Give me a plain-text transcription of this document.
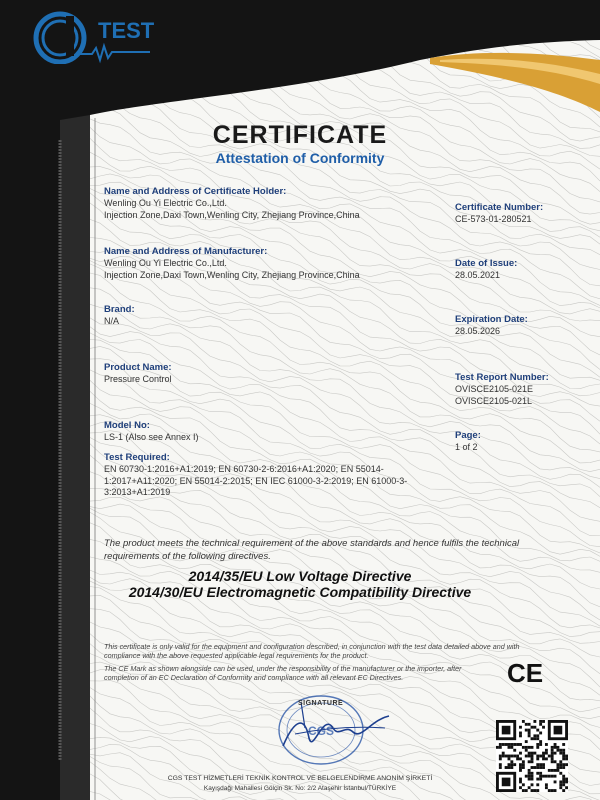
TEST
CERTIFICATE
Attestation of Conformity
Name and Address of Certificate Holder:
Wenling Ou Yi Electric Co.,Ltd.
Injection Zone,Daxi Town,Wenling City, Zhejiang Province,China
Name and Address of Manufacturer:
Wenling Ou Yi Electric Co.,Ltd.
Injection Zone,Daxi Town,Wenling City, Zhejiang Province,China
Brand:
N/A
Product Name:
Pressure Control
Model No:
LS-1 (Also see Annex I)
Test Required:
EN 60730-1:2016+A1:2019; EN 60730-2-6:2016+A1:2020; EN 55014-1:2017+A11:2020; EN 55014-2:2015; EN IEC 61000-3-2:2019; EN 61000-3-3:2013+A1:2019
Certificate Number:
CE-573-01-280521
Date of Issue:
28.05.2021
Expiration Date:
28.05.2026
Test Report Number:
OVISCE2105-021E
OVISCE2105-021L
Page:
1 of 2
The product meets the technical requirement of the above standards and hence fulfils the technical requirements of the following directives.
2014/35/EU Low Voltage Directive
2014/30/EU Electromagnetic Compatibility Directive
This certificate is only valid for the equipment and configuration described, in conjunction with the test data detailed above and with compliance with the above requested applicable legal requirements for the product.
The CE Mark as shown alongside can be used, under the responsibility of the manufacturer or the importer, after completion of an EC Declaration of Conformity and compliance with all relevant EC Directives.	CE
CGS
SIGNATURE
CGS TEST HİZMETLERİ TEKNİK KONTROL VE BELGELENDİRME ANONİM ŞİRKETİ
Kayışdağı Mahallesi Gölçin Sk. No: 2/2 Ataşehir İstanbul/TÜRKİYE
